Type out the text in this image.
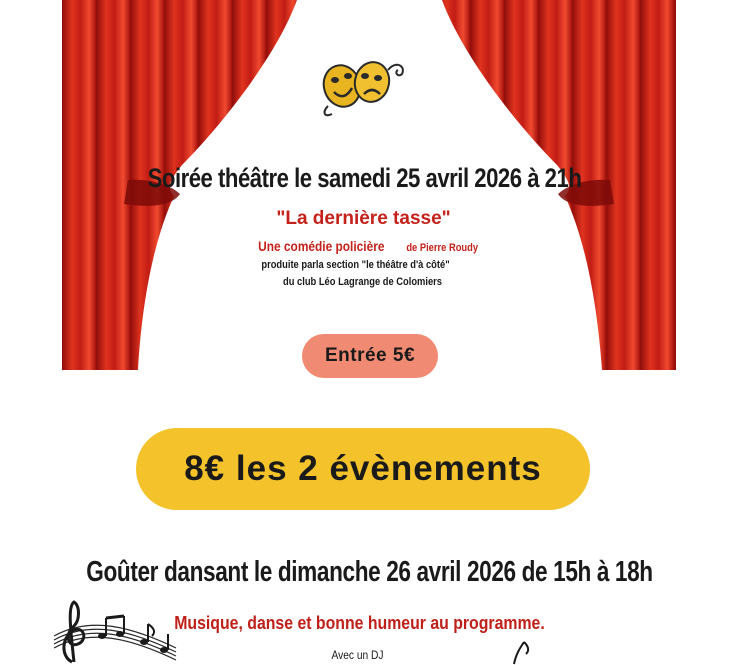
Soirée théâtre le samedi 25 avril 2026 à 21h
"La dernière tasse"
Une comédie policière de Pierre Roudy
produite parla section "le théâtre d'à côté"
du club Léo Lagrange de Colomiers
Entrée 5€
8€ les 2 évènements
Goûter dansant le dimanche 26 avril 2026 de 15h à 18h
Musique, danse et bonne humeur au programme.
Avec un DJ
